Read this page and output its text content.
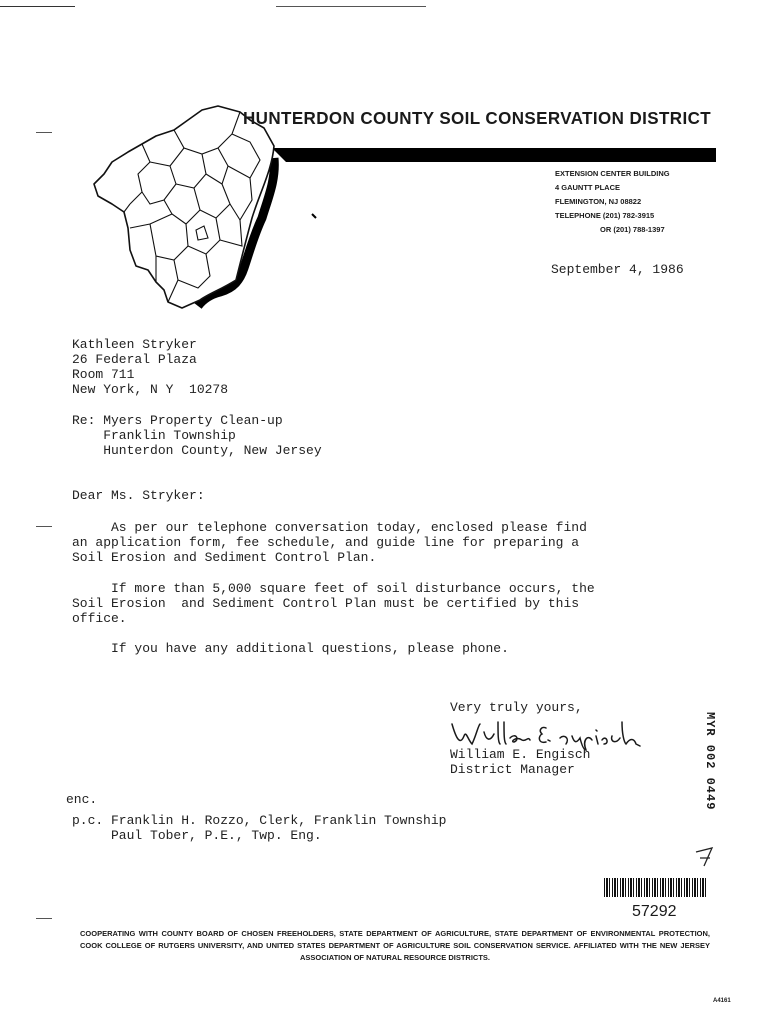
HUNTERDON COUNTY SOIL CONSERVATION DISTRICT
EXTENSION CENTER BUILDING
4 GAUNTT PLACE
FLEMINGTON, NJ 08822
TELEPHONE (201) 782-3915
OR (201) 788-1397
September 4, 1986
Kathleen Stryker
26 Federal Plaza
Room 711
New York, N Y  10278
Re: Myers Property Clean-up
Franklin Township
Hunterdon County, New Jersey
Dear Ms. Stryker:
As per our telephone conversation today, enclosed please find
an application form, fee schedule, and guide line for preparing a
Soil Erosion and Sediment Control Plan.
If more than 5,000 square feet of soil disturbance occurs, the
Soil Erosion  and Sediment Control Plan must be certified by this
office.
If you have any additional questions, please phone.
Very truly yours,
William E. Engisch
District Manager
enc.
p.c. Franklin H. Rozzo, Clerk, Franklin Township
Paul Tober, P.E., Twp. Eng.
MYR 002 0449
57292
COOPERATING WITH COUNTY BOARD OF CHOSEN FREEHOLDERS, STATE DEPARTMENT OF AGRICULTURE, STATE DEPARTMENT OF ENVIRONMENTAL PROTECTION, COOK COLLEGE OF RUTGERS UNIVERSITY, AND UNITED STATES DEPARTMENT OF AGRICULTURE SOIL CONSERVATION SERVICE. AFFILIATED WITH THE NEW JERSEY ASSOCIATION OF NATURAL RESOURCE DISTRICTS.
A4161
